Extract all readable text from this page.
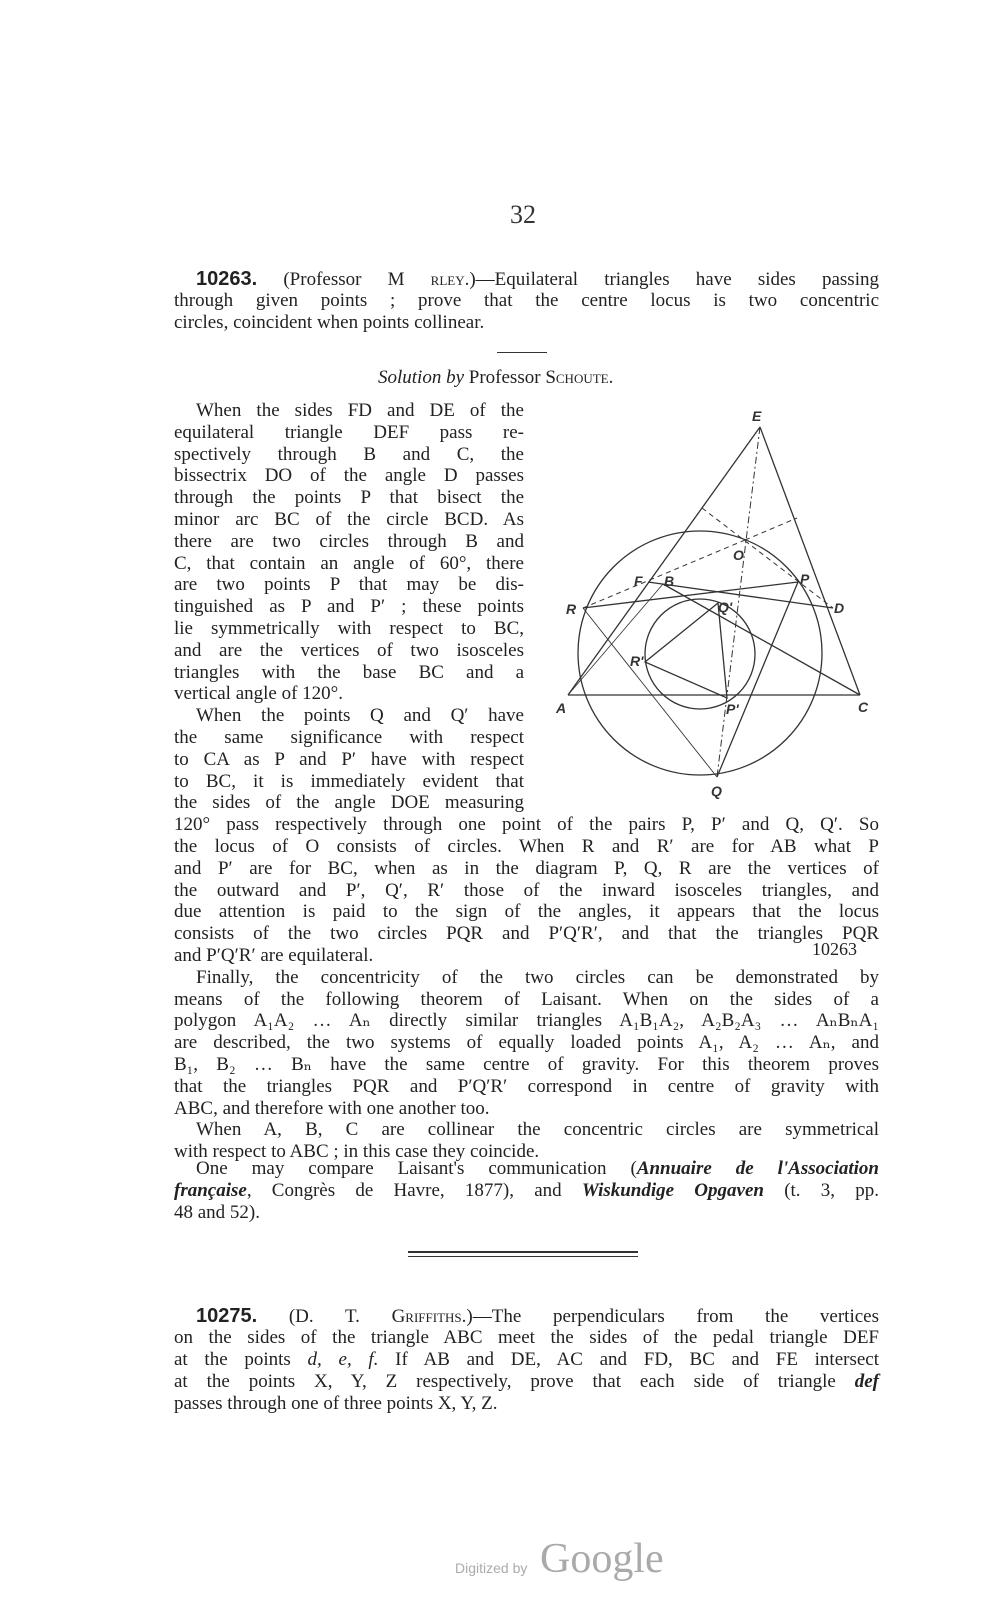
32
10263. (Professor M rley.)—Equilateral triangles have sides passing
through given points ; prove that the centre locus is two concentric
circles, coincident when points collinear.
Solution by Professor Schoute.
When the sides FD and DE of the
equilateral triangle DEF pass re-
spectively through B and C, the
bissectrix DO of the angle D passes
through the points P that bisect the
minor arc BC of the circle BCD. As
there are two circles through B and
C, that contain an angle of 60°, there
are two points P that may be dis-
tinguished as P and P′ ; these points
lie symmetrically with respect to BC,
and are the vertices of two isosceles
triangles with the base BC and a
vertical angle of 120°.
When the points Q and Q′ have
the same significance with respect
to CA as P and P′ have with respect
to BC, it is immediately evident that
the sides of the angle DOE measuring
120° pass respectively through one point of the pairs P, P′ and Q, Q′. So
the locus of O consists of circles. When R and R′ are for AB what P
and P′ are for BC, when as in the diagram P, Q, R are the vertices of
the outward and P′, Q′, R′ those of the inward isosceles triangles, and
due attention is paid to the sign of the angles, it appears that the locus
consists of the two circles PQR and P′Q′R′, and that the triangles PQR
and P′Q′R′ are equilateral.
Finally, the concentricity of the two circles can be demonstrated by
means of the following theorem of Laisant. When on the sides of a
polygon A₁A₂ … Aₙ directly similar triangles A₁B₁A₂, A₂B₂A₃ … AₙBₙA₁
are described, the two systems of equally loaded points A₁, A₂ … Aₙ, and
B₁, B₂ … Bₙ have the same centre of gravity. For this theorem proves
that the triangles PQR and P′Q′R′ correspond in centre of gravity with
ABC, and therefore with one another too.
When A, B, C are collinear the concentric circles are symmetrical
with respect to ABC ; in this case they coincide.
10263
One may compare Laisant's communication (Annuaire de l'Association
française, Congrès de Havre, 1877), and Wiskundige Opgaven (t. 3, pp.
48 and 52).
10275. (D. T. Griffiths.)—The perpendiculars from the vertices
on the sides of the triangle ABC meet the sides of the pedal triangle DEF
at the points d, e, f. If AB and DE, AC and FD, BC and FE intersect
at the points X, Y, Z respectively, prove that each side of triangle def
passes through one of three points X, Y, Z.
E
O
F B	P
D
R	Q'
R'
A	C
P'
Q
Digitized by Google
